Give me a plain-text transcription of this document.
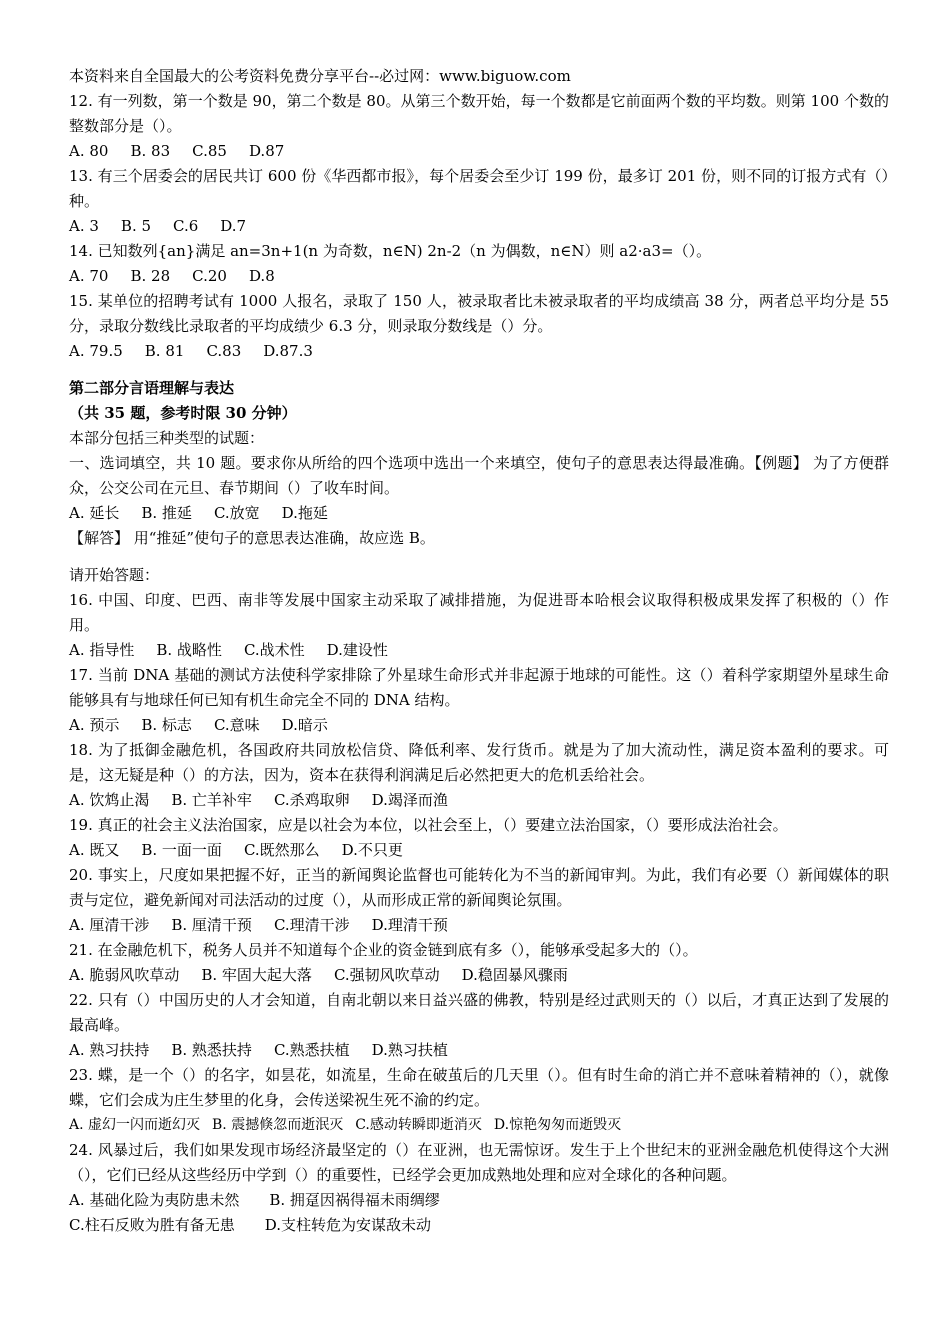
本资料来自全国最大的公考资料免费分享平台--必过网：www.biguow.com

12. 有一列数，第一个数是 90，第二个数是 80。从第三个数开始，每一个数都是它前面两个数的平均数。则第 100 个数的整数部分是（）。

A. 80 B. 83 C.85 D.87

13. 有三个居委会的居民共订 600 份《华西都市报》，每个居委会至少订 199 份，最多订 201 份，则不同的订报方式有（）种。

A. 3 B. 5 C.6 D.7

14. 已知数列{an}满足 an=3n+1(n 为奇数，n∈N) 2n-2（n 为偶数，n∈N）则 a2·a3=（）。

A. 70 B. 28 C.20 D.8

15. 某单位的招聘考试有 1000 人报名，录取了 150 人，被录取者比未被录取者的平均成绩高 38 分，两者总平均分是 55 分，录取分数线比录取者的平均成绩少 6.3 分，则录取分数线是（）分。

A. 79.5 B. 81 C.83 D.87.3

第二部分言语理解与表达

（共 35 题，参考时限 30 分钟）

本部分包括三种类型的试题：

一、选词填空，共 10 题。要求你从所给的四个选项中选出一个来填空，使句子的意思表达得最准确。【例题】 为了方便群众，公交公司在元旦、春节期间（）了收车时间。

A. 延长 B. 推延 C.放宽 D.拖延

【解答】 用“推延”使句子的意思表达准确，故应选 B。

请开始答题：

16. 中国、印度、巴西、南非等发展中国家主动采取了减排措施，为促进哥本哈根会议取得积极成果发挥了积极的（）作用。

A. 指导性 B. 战略性 C.战术性 D.建设性

17. 当前 DNA 基础的测试方法使科学家排除了外星球生命形式并非起源于地球的可能性。这（）着科学家期望外星球生命能够具有与地球任何已知有机生命完全不同的 DNA 结构。

A. 预示 B. 标志 C.意味 D.暗示

18. 为了抵御金融危机，各国政府共同放松信贷、降低利率、发行货币。就是为了加大流动性，满足资本盈利的要求。可是，这无疑是种（）的方法，因为，资本在获得利润满足后必然把更大的危机丢给社会。

A. 饮鸩止渴 B. 亡羊补牢 C.杀鸡取卵 D.竭泽而渔

19. 真正的社会主义法治国家，应是以社会为本位，以社会至上，（）要建立法治国家，（）要形成法治社会。

A. 既又 B. 一面一面 C.既然那么 D.不只更

20. 事实上，尺度如果把握不好，正当的新闻舆论监督也可能转化为不当的新闻审判。为此，我们有必要（）新闻媒体的职责与定位，避免新闻对司法活动的过度（），从而形成正常的新闻舆论氛围。

A. 厘清干涉 B. 厘清干预 C.理清干涉 D.理清干预

21. 在金融危机下，税务人员并不知道每个企业的资金链到底有多（），能够承受起多大的（）。

A. 脆弱风吹草动 B. 牢固大起大落 C.强韧风吹草动 D.稳固暴风骤雨

22. 只有（）中国历史的人才会知道，自南北朝以来日益兴盛的佛教，特别是经过武则天的（）以后，才真正达到了发展的最高峰。

A. 熟习扶持 B. 熟悉扶持 C.熟悉扶植 D.熟习扶植

23. 蝶，是一个（）的名字，如昙花，如流星，生命在破茧后的几天里（）。但有时生命的消亡并不意味着精神的（），就像蝶，它们会成为庄生梦里的化身，会传送梁祝生死不渝的约定。

A. 虚幻一闪而逝幻灭 B. 震撼倏忽而逝泯灭 C.感动转瞬即逝消灭 D.惊艳匆匆而逝毁灭

24. 风暴过后，我们如果发现市场经济最坚定的（）在亚洲，也无需惊讶。发生于上个世纪末的亚洲金融危机使得这个大洲（），它们已经从这些经历中学到（）的重要性，已经学会更加成熟地处理和应对全球化的各种问题。

A. 基础化险为夷防患未然 B. 拥趸因祸得福未雨绸缪

C.柱石反败为胜有备无患 D.支柱转危为安谋敌未动
